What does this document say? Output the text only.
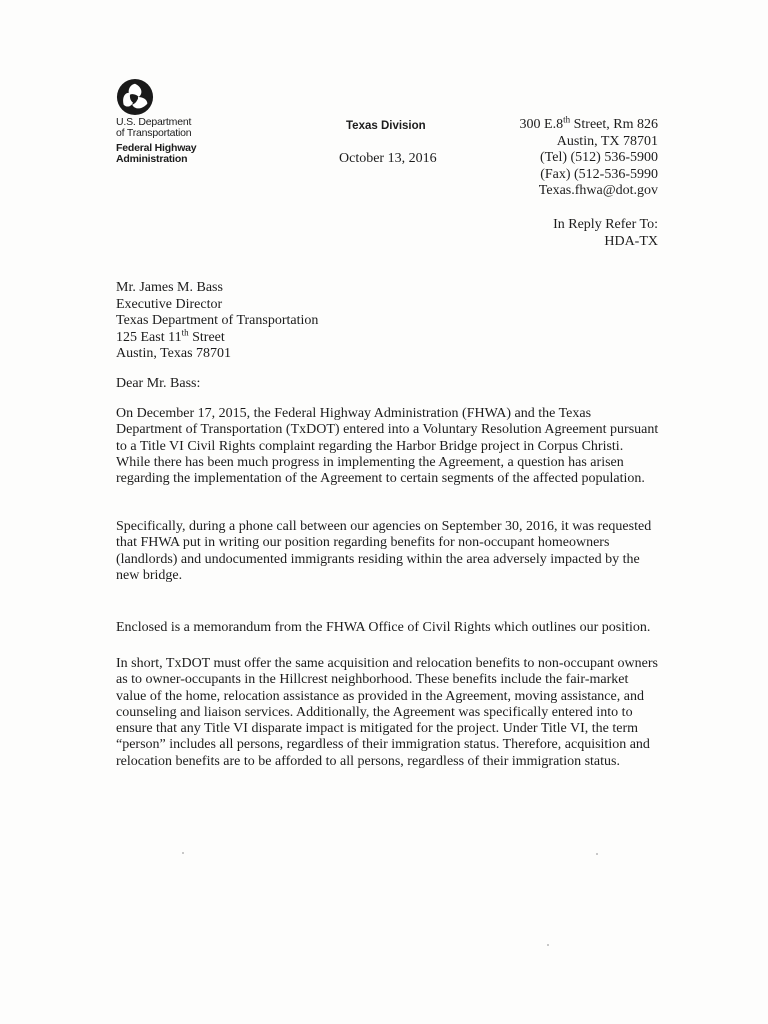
U.S. Department
of Transportation
Federal Highway
Administration
Texas Division
October 13, 2016
300 E.8th Street, Rm 826
Austin, TX 78701
(Tel) (512) 536-5900
(Fax) (512-536-5990
Texas.fhwa@dot.gov
In Reply Refer To:
HDA-TX
Mr. James M. Bass
Executive Director
Texas Department of Transportation
125 East 11th Street
Austin, Texas 78701
Dear Mr. Bass:
On December 17, 2015, the Federal Highway Administration (FHWA) and the Texas
Department of Transportation (TxDOT) entered into a Voluntary Resolution Agreement pursuant
to a Title VI Civil Rights complaint regarding the Harbor Bridge project in Corpus Christi.
While there has been much progress in implementing the Agreement, a question has arisen
regarding the implementation of the Agreement to certain segments of the affected population.
Specifically, during a phone call between our agencies on September 30, 2016, it was requested
that FHWA put in writing our position regarding benefits for non-occupant homeowners
(landlords) and undocumented immigrants residing within the area adversely impacted by the
new bridge.
Enclosed is a memorandum from the FHWA Office of Civil Rights which outlines our position.
In short, TxDOT must offer the same acquisition and relocation benefits to non-occupant owners
as to owner-occupants in the Hillcrest neighborhood. These benefits include the fair-market
value of the home, relocation assistance as provided in the Agreement, moving assistance, and
counseling and liaison services. Additionally, the Agreement was specifically entered into to
ensure that any Title VI disparate impact is mitigated for the project. Under Title VI, the term
“person” includes all persons, regardless of their immigration status. Therefore, acquisition and
relocation benefits are to be afforded to all persons, regardless of their immigration status.
